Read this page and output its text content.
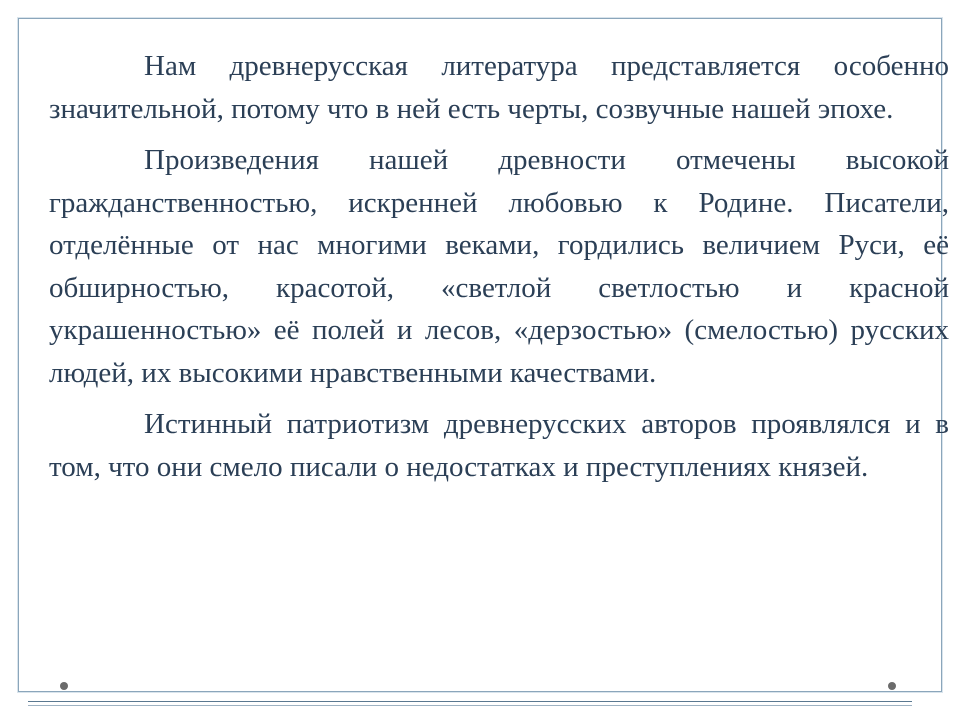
Нам древнерусская литература представляется особенно значительной, потому что в ней есть черты, созвучные нашей эпохе.

Произведения нашей древности отмечены высокой гражданственностью, искренней любовью к Родине. Писатели, отделённые от нас многими веками, гордились величием Руси, её обширностью, красотой, «светлой светлостью и красной украшенностью» её полей и лесов, «дерзостью» (смелостью) русских людей, их высокими нравственными качествами.

Истинный патриотизм древнерусских авторов проявлялся и в том, что они смело писали о недостатках и преступлениях князей.
